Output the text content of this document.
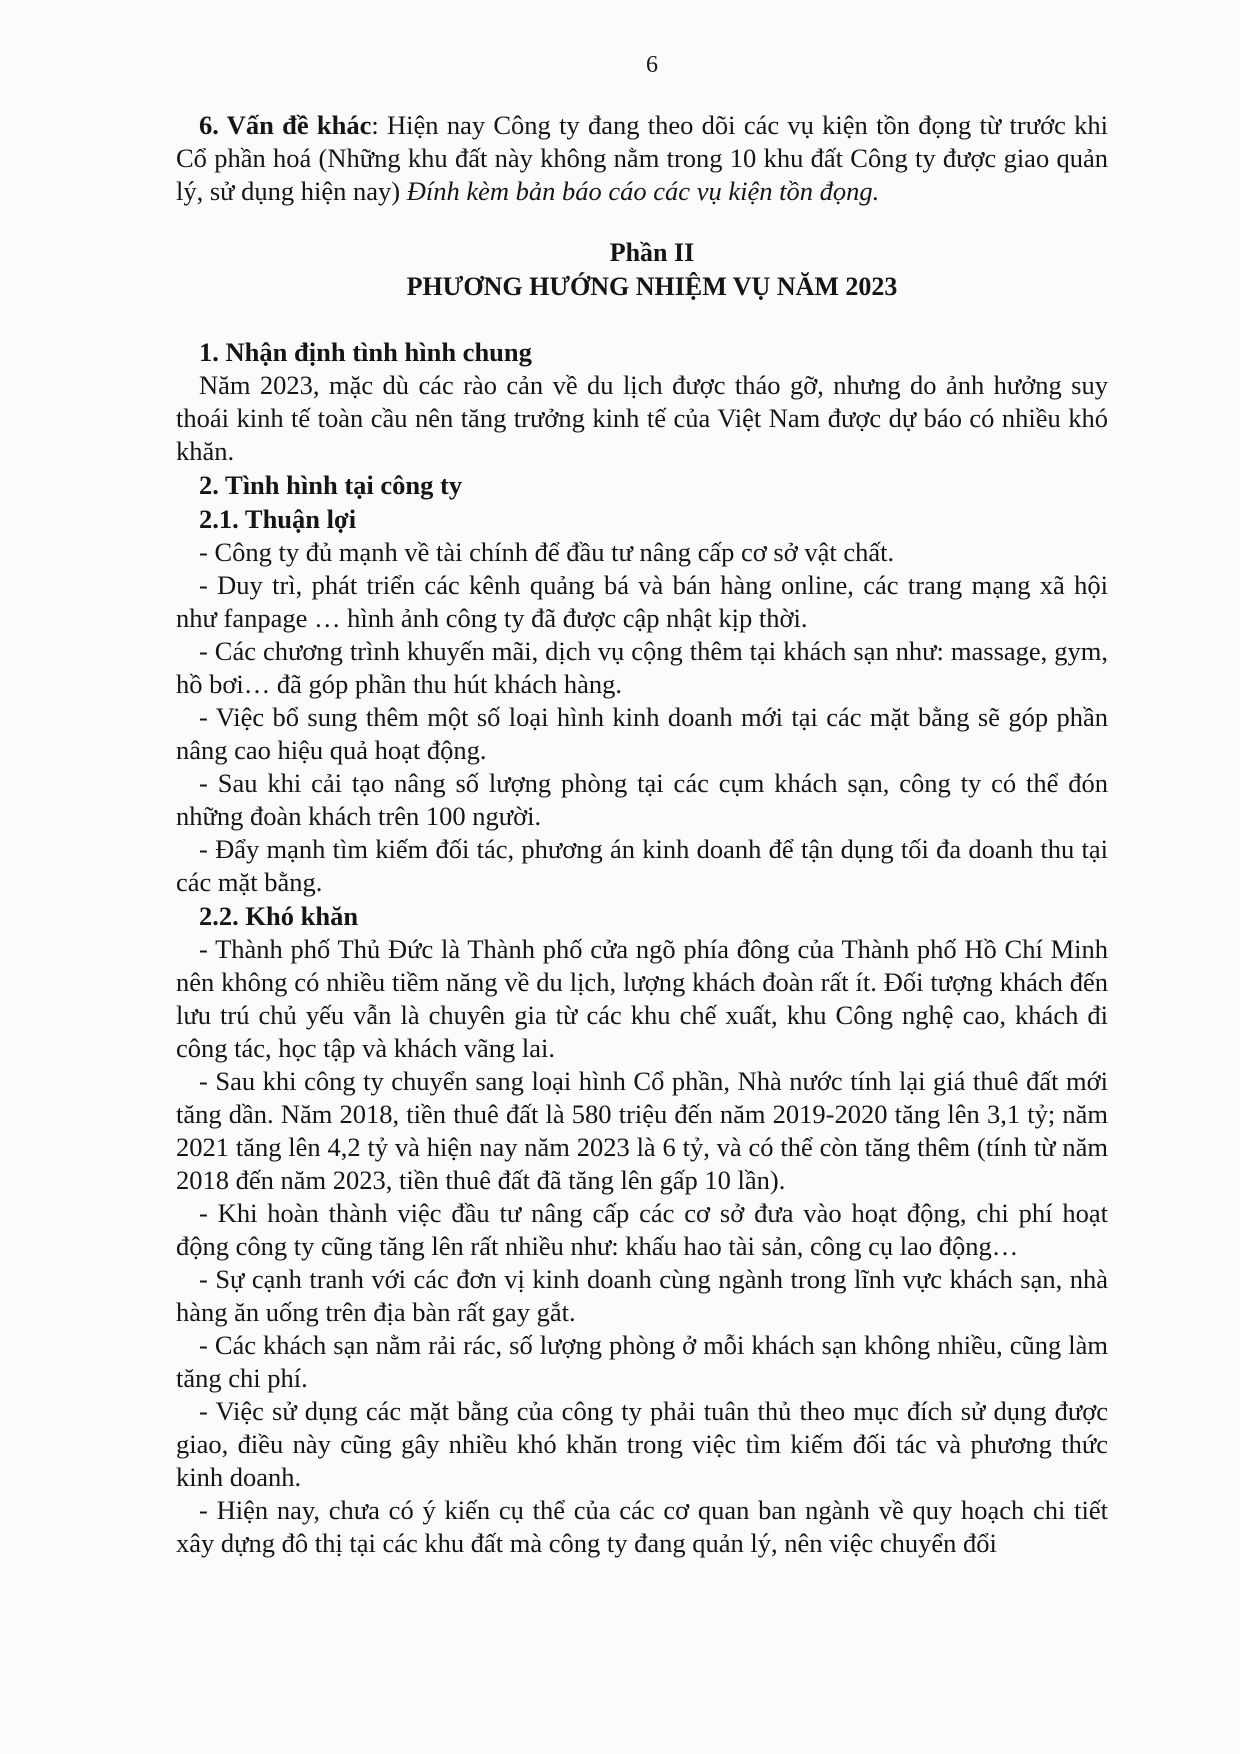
6

6. Vấn đề khác: Hiện nay Công ty đang theo dõi các vụ kiện tồn đọng từ trước khi Cổ phần hoá (Những khu đất này không nằm trong 10 khu đất Công ty được giao quản lý, sử dụng hiện nay) Đính kèm bản báo cáo các vụ kiện tồn đọng.

Phần II
PHƯƠNG HƯỚNG NHIỆM VỤ NĂM 2023
1. Nhận định tình hình chung

Năm 2023, mặc dù các rào cản về du lịch được tháo gỡ, nhưng do ảnh hưởng suy thoái kinh tế toàn cầu nên tăng trưởng kinh tế của Việt Nam được dự báo có nhiều khó khăn.

2. Tình hình tại công ty
2.1. Thuận lợi

- Công ty đủ mạnh về tài chính để đầu tư nâng cấp cơ sở vật chất.

- Duy trì, phát triển các kênh quảng bá và bán hàng online, các trang mạng xã hội như fanpage … hình ảnh công ty đã được cập nhật kịp thời.

- Các chương trình khuyến mãi, dịch vụ cộng thêm tại khách sạn như: massage, gym, hồ bơi… đã góp phần thu hút khách hàng.

- Việc bổ sung thêm một số loại hình kinh doanh mới tại các mặt bằng sẽ góp phần nâng cao hiệu quả hoạt động.

- Sau khi cải tạo nâng số lượng phòng tại các cụm khách sạn, công ty có thể đón những đoàn khách trên 100 người.

- Đẩy mạnh tìm kiếm đối tác, phương án kinh doanh để tận dụng tối đa doanh thu tại các mặt bằng.

2.2. Khó khăn

- Thành phố Thủ Đức là Thành phố cửa ngõ phía đông của Thành phố Hồ Chí Minh nên không có nhiều tiềm năng về du lịch, lượng khách đoàn rất ít. Đối tượng khách đến lưu trú chủ yếu vẫn là chuyên gia từ các khu chế xuất, khu Công nghệ cao, khách đi công tác, học tập và khách vãng lai.

- Sau khi công ty chuyển sang loại hình Cổ phần, Nhà nước tính lại giá thuê đất mới tăng dần. Năm 2018, tiền thuê đất là 580 triệu đến năm 2019-2020 tăng lên 3,1 tỷ; năm 2021 tăng lên 4,2 tỷ và hiện nay năm 2023 là 6 tỷ, và có thể còn tăng thêm (tính từ năm 2018 đến năm 2023, tiền thuê đất đã tăng lên gấp 10 lần).

- Khi hoàn thành việc đầu tư nâng cấp các cơ sở đưa vào hoạt động, chi phí hoạt động công ty cũng tăng lên rất nhiều như: khấu hao tài sản, công cụ lao động…

- Sự cạnh tranh với các đơn vị kinh doanh cùng ngành trong lĩnh vực khách sạn, nhà hàng ăn uống trên địa bàn rất gay gắt.

- Các khách sạn nằm rải rác, số lượng phòng ở mỗi khách sạn không nhiều, cũng làm tăng chi phí.

- Việc sử dụng các mặt bằng của công ty phải tuân thủ theo mục đích sử dụng được giao, điều này cũng gây nhiều khó khăn trong việc tìm kiếm đối tác và phương thức kinh doanh.

- Hiện nay, chưa có ý kiến cụ thể của các cơ quan ban ngành về quy hoạch chi tiết xây dựng đô thị tại các khu đất mà công ty đang quản lý, nên việc chuyển đổi
